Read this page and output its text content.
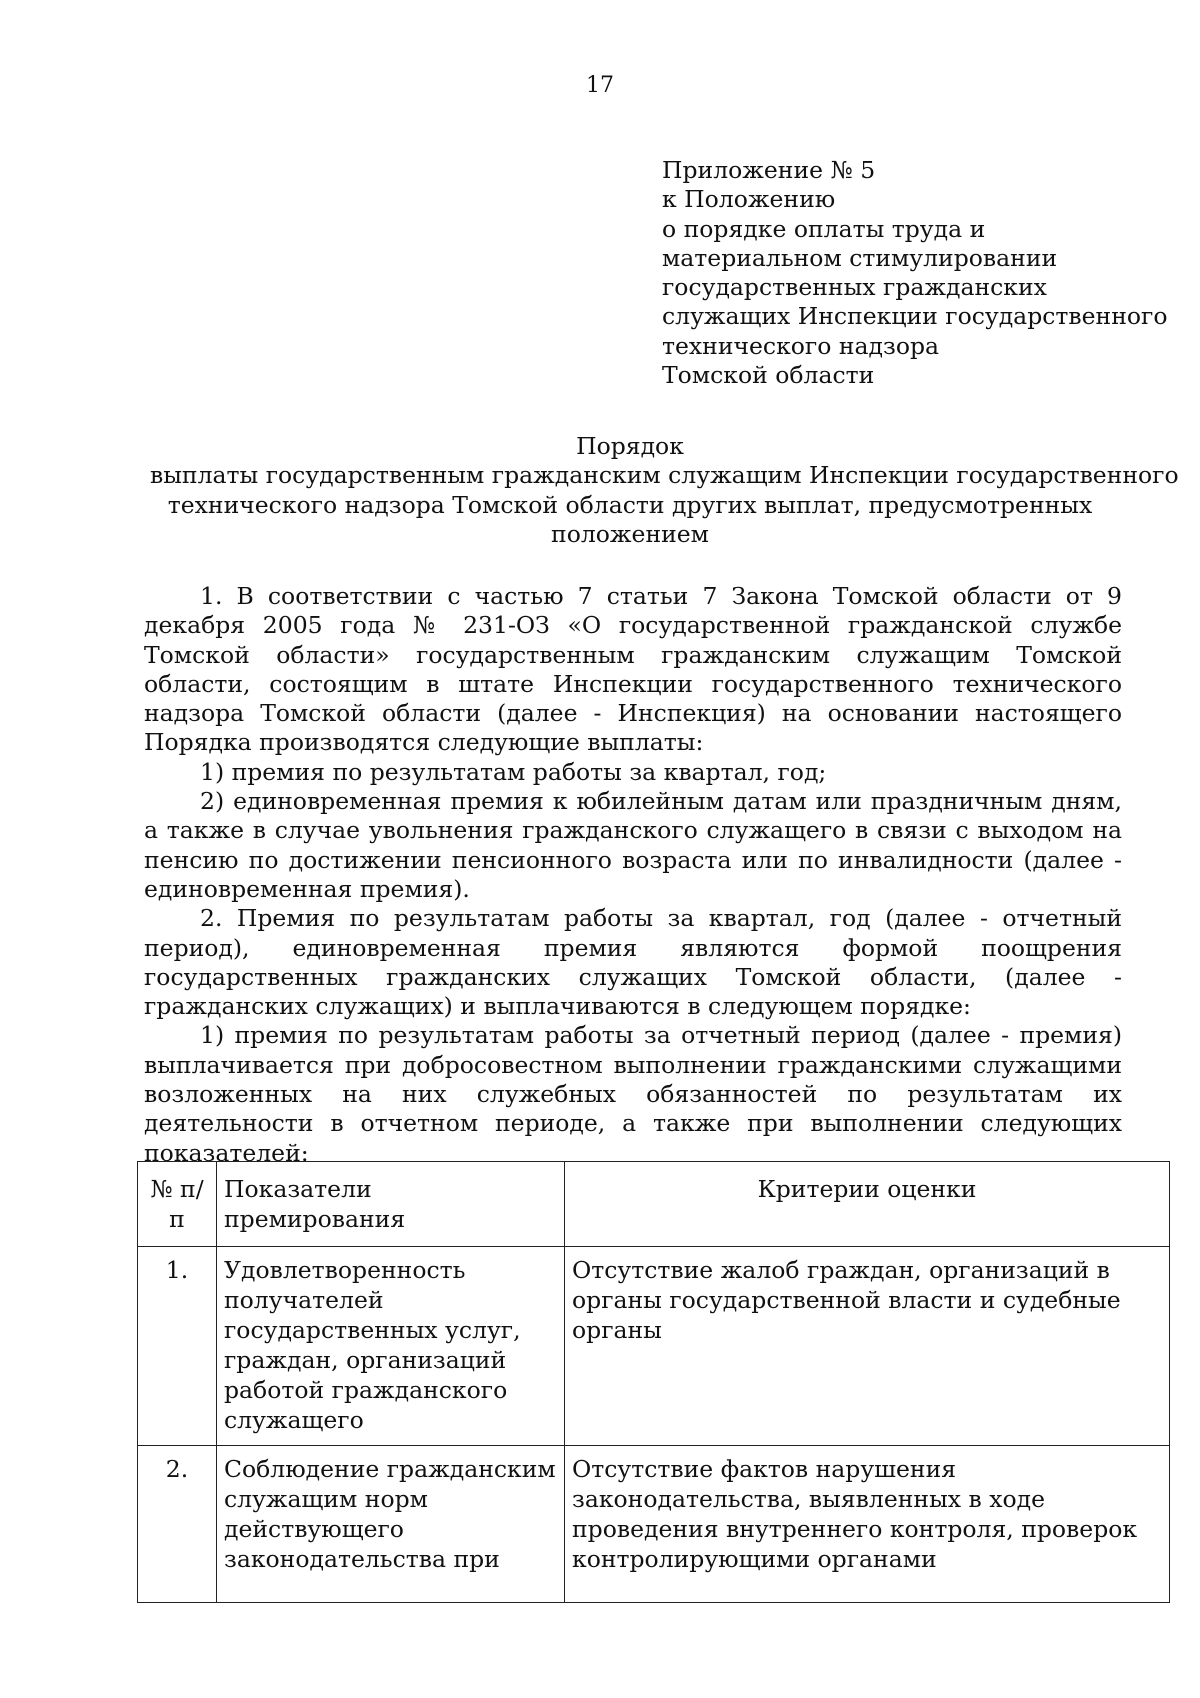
17
Приложение № 5
к Положению
о порядке оплаты труда и
материальном стимулировании
государственных гражданских
служащих Инспекции государственного
технического надзора
Томской области
Порядок
выплаты государственным гражданским служащим Инспекции государственного
технического надзора Томской области других выплат, предусмотренных
положением

1. В соответствии с частью 7 статьи 7 Закона Томской области от 9 декабря 2005 года № 231-ОЗ «О государственной гражданской службе Томской области» государственным гражданским служащим Томской области, состоящим в штате Инспекции государственного технического надзора Томской области (далее - Инспекция) на основании настоящего Порядка производятся следующие выплаты:

1) премия по результатам работы за квартал, год;

2) единовременная премия к юбилейным датам или праздничным дням, а также в случае увольнения гражданского служащего в связи с выходом на пенсию по достижении пенсионного возраста или по инвалидности (далее - единовременная премия).

2. Премия по результатам работы за квартал, год (далее - отчетный период), единовременная премия являются формой поощрения государственных гражданских служащих Томской области, (далее - гражданских служащих) и выплачиваются в следующем порядке:

1) премия по результатам работы за отчетный период (далее - премия) выплачивается при добросовестном выполнении гражданскими служащими возложенных на них служебных обязанностей по результатам их деятельности в отчетном периоде, а также при выполнении следующих показателей:

№ п/п	Показатели премирования	Критерии оценки
1.	Удовлетворенность получателей государственных услуг, граждан, организаций работой гражданского служащего	Отсутствие жалоб граждан, организаций в органы государственной власти и судебные органы
2.	Соблюдение гражданским служащим норм действующего законодательства при	Отсутствие фактов нарушения законодательства, выявленных в ходе проведения внутреннего контроля, проверок контролирующими органами
